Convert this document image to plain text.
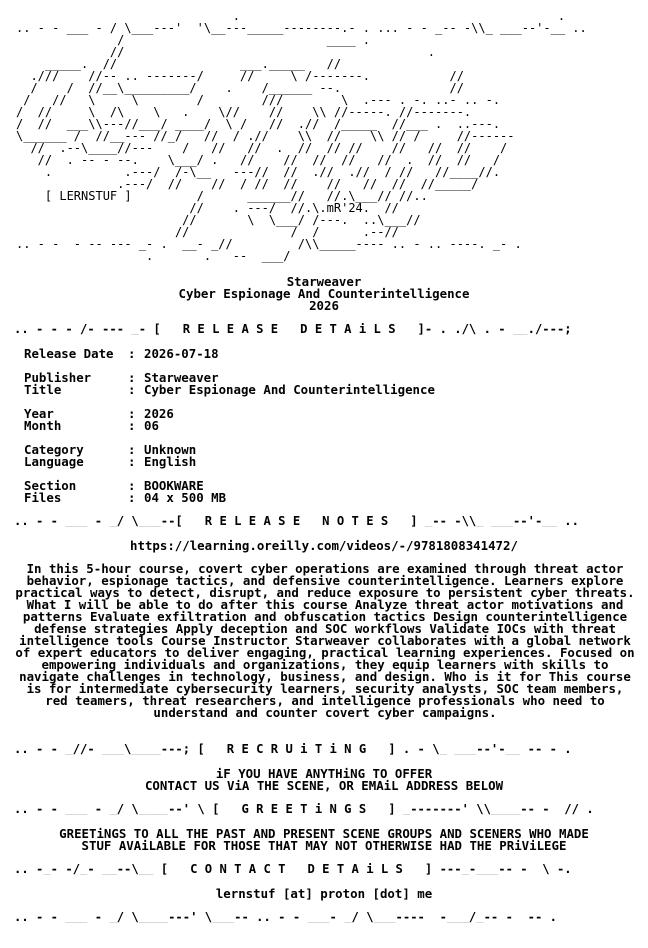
.                                            .
.. - - ___ - / \___---'  '\__---_____--------.- . ... - - _-- -\\_ ___--'-__ ..
/                            ____ .
//                                          .
_____.  //                 ___._____   //
.///    //-- .. -------/     //     \ /-------.           //
/    /  //__\_________/    .    /______ --.               //
/   //   \     \        /        ///        \  .--- . -. ..- .. -.
/  //     \  /\    \   .    \//    //    \\ //-----. //-------.
/  //  ___\\---//___/ ____/  \ /   //  .//  /_____  //___ .  ..---.
\______ /  //__--- //_/   //  / .//    \\  //    \\ // /     //------
//  .--\____//---    /   //   //  .  //  // //    //   //  //    /
//  . -- - --.    \___/ .   //    //  //  //   //  .  //  //   /
.          .---/  /-\__   ---//  //  .//  .//  / //   //____//.
.---/  //    //  / //  //    //   //  //  //_____/
[ LERNSTUF ]         /      ______//   //.\___// //..
//    . ---/  //.\.mR'24.  //
//       \  \___/ /---.  ..\___//
//              /  /      .--//
.. - -  - -- --- _- .  __- _//         /\\_____---- .. - .. ----. _- .
.       .   --  ___/
Starweaver
Cyber Espionage And Counterintelligence
2026
.. - - - /- --- _- [   R E L E A S E   D E T A i L S   ]- . ./\ . - __./---;
Release Date : 2026-07-18
Publisher	: Starweaver
Title	: Cyber Espionage And Counterintelligence
Year	: 2026
Month	: 06
Category	: Unknown
Language	: English
Section	: BOOKWARE
Files	: 04 x 500 MB
.. - - ___ - _/ \___--[   R E L E A S E   N O T E S   ] _-- -\\_ ___--'-__ ..
https://learning.oreilly.com/videos/-/9781808341472/
In this 5-hour course, covert cyber operations are examined through threat actor behavior, espionage tactics, and defensive counterintelligence. Learners explore practical ways to detect, disrupt, and reduce exposure to persistent cyber threats. What I will be able to do after this course Analyze threat actor motivations and patterns Evaluate exfiltration and obfuscation tactics Design counterintelligence defense strategies Apply deception and SOC workflows Validate IOCs with threat intelligence tools Course Instructor Starweaver collaborates with a global network of expert educators to deliver engaging, practical learning experiences. Focused on empowering individuals and organizations, they equip learners with skills to navigate challenges in technology, business, and design. Who is it for This course is for intermediate cybersecurity learners, security analysts, SOC team members, red teamers, threat researchers, and intelligence professionals who need to understand and counter covert cyber campaigns.
.. - - _//- ___\____---; [   R E C R U i T i N G   ] . - \_ ___--'-__ -- - .
iF YOU HAVE ANYTHiNG TO OFFER
CONTACT US ViA THE SCENE, OR EMAiL ADDRESS BELOW
.. - - ___ - _/ \____--' \ [   G R E E T i N G S   ] _-------' \\____-- -  // .
GREETiNGS TO ALL THE PAST AND PRESENT SCENE GROUPS AND SCENERS WHO MADE
STUF AVAiLABLE FOR THOSE THAT MAY NOT OTHERWISE HAD THE PRiViLEGE
.. -_- -/_- __--\__ [   C O N T A C T   D E T A i L S   ] ---_-___-- -  \ -.
lernstuf [at] proton [dot] me
.. - - ___ - _/ \____---' \___-- .. - - ___- _/ \___----  -___/_-- -  -- .
